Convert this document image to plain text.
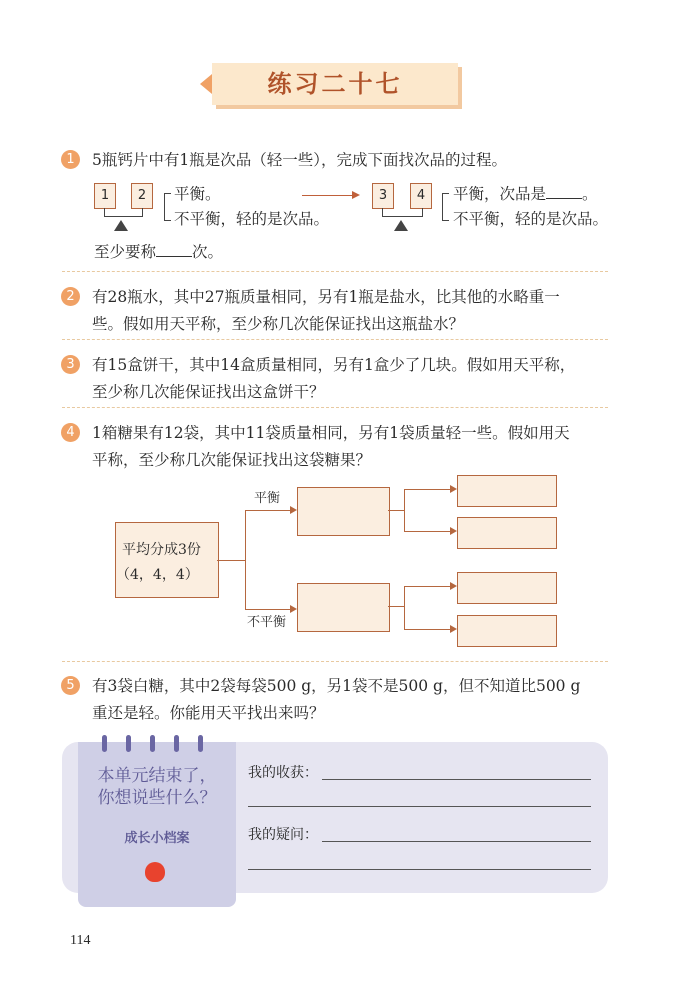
练习二十七
1	5瓶钙片中有1瓶是次品（轻一些），完成下面找次品的过程。
1	2	平衡。
不平衡，轻的是次品。
3	4	平衡，次品是 。
不平衡，轻的是次品。
至少要称 次。
2	有28瓶水，其中27瓶质量相同，另有1瓶是盐水，比其他的水略重一
些。假如用天平称，至少称几次能保证找出这瓶盐水？
3	有15盒饼干，其中14盒质量相同，另有1盒少了几块。假如用天平称，
至少称几次能保证找出这盒饼干？
4	1箱糖果有12袋，其中11袋质量相同，另有1袋质量轻一些。假如用天
平称，至少称几次能保证找出这袋糖果？
平均分成3份
（4，4，4）
平衡
不平衡
5	有3袋白糖，其中2袋每袋500 g，另1袋不是500 g，但不知道比500 g
重还是轻。你能用天平找出来吗？
本单元结束了，
你想说些什么？
成长小档案
我的收获：
我的疑问：
114
